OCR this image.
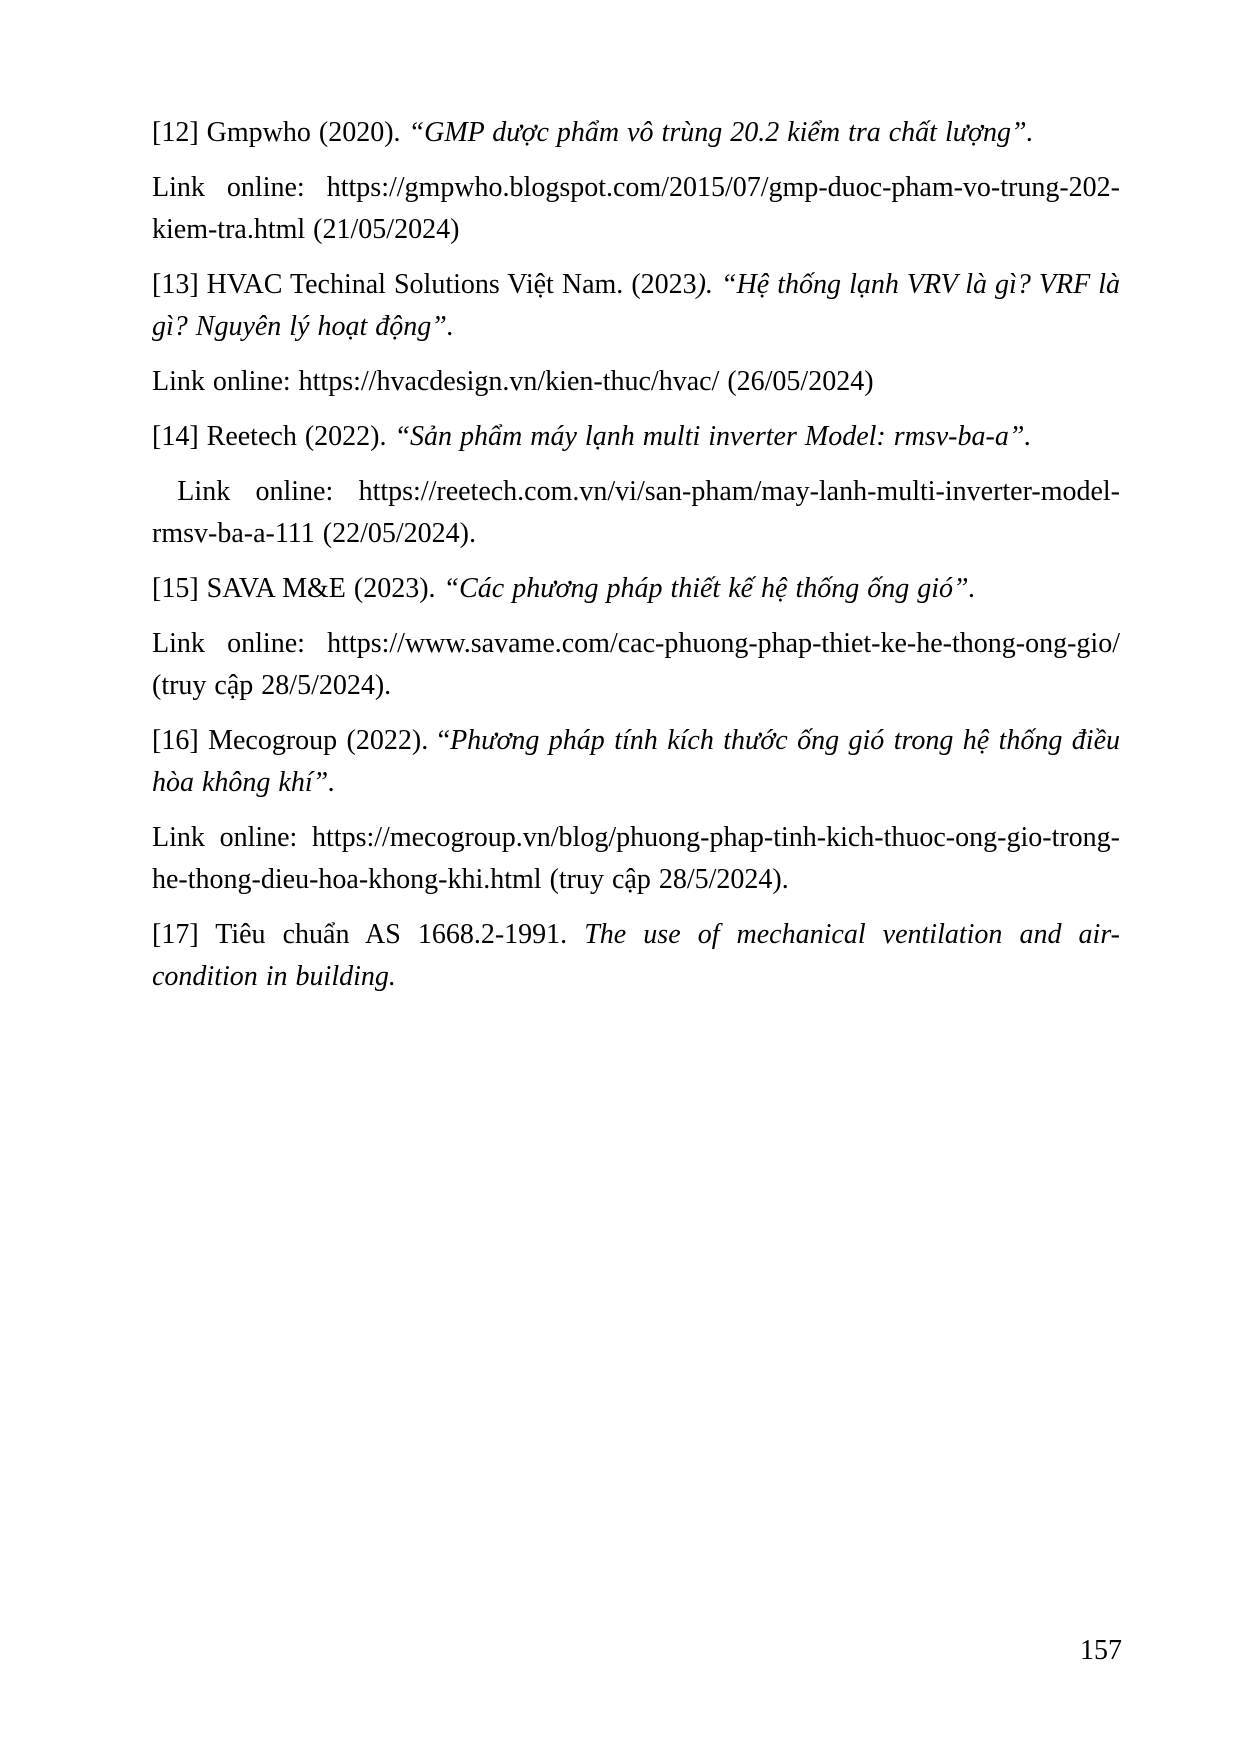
[12] Gmpwho (2020). “GMP dược phẩm vô trùng 20.2 kiểm tra chất lượng”.

Link online: https://gmpwho.blogspot.com/2015/07/gmp-duoc-pham-vo-trung-202-kiem-tra.html (21/05/2024)

[13] HVAC Techinal Solutions Việt Nam. (2023). “Hệ thống lạnh VRV là gì? VRF là gì? Nguyên lý hoạt động”.

Link online: https://hvacdesign.vn/kien-thuc/hvac/ (26/05/2024)

[14] Reetech (2022). “Sản phẩm máy lạnh multi inverter Model: rmsv-ba-a”.

Link online: https://reetech.com.vn/vi/san-pham/may-lanh-multi-inverter-model-rmsv-ba-a-111 (22/05/2024).

[15] SAVA M&E (2023). “Các phương pháp thiết kế hệ thống ống gió”.

Link online: https://www.savame.com/cac-phuong-phap-thiet-ke-he-thong-ong-gio/ (truy cập 28/5/2024).

[16] Mecogroup (2022). “Phương pháp tính kích thước ống gió trong hệ thống điều hòa không khí”.

Link online: https://mecogroup.vn/blog/phuong-phap-tinh-kich-thuoc-ong-gio-trong-he-thong-dieu-hoa-khong-khi.html (truy cập 28/5/2024).

[17] Tiêu chuẩn AS 1668.2-1991. The use of mechanical ventilation and air-condition in building.

157
